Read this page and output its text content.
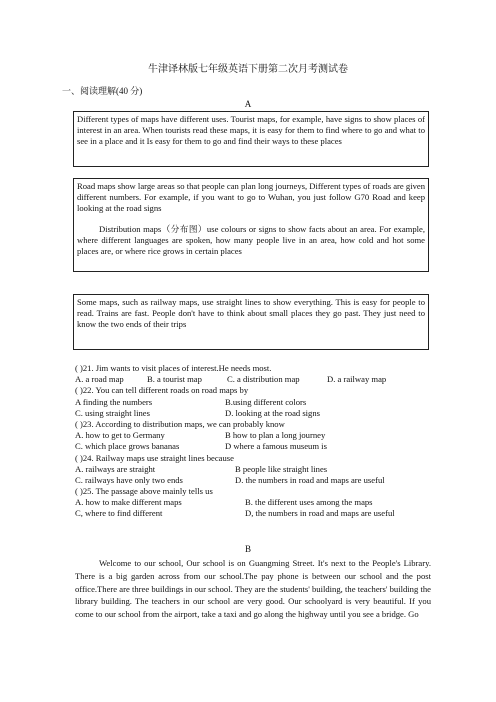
牛津译林版七年级英语下册第二次月考测试卷
一、阅读理解(40 分)
A

Different types of maps have different uses. Tourist maps, for example, have signs to show places of interest in an area. When tourists read these maps, it is easy for them to find where to go and what to see in a place and it Is easy for them to go and find their ways to these places

Road maps show large areas so that people can plan long journeys, Different types of roads are given different numbers. For example, if you want to go to Wuhan, you just follow G70 Road and keep looking at the road signs

Distribution maps（分布图）use colours or signs to show facts about an area. For example, where different languages are spoken, how many people live in an area, how cold and hot some places are, or where rice grows in certain places

Some maps, such as railway maps, use straight lines to show everything. This is easy for people to read. Trains are fast. People don't have to think about small places they go past. They just need to know the two ends of their trips

( )21. Jim wants to visit places of interest.He needs most.
A. a road map	B. a tourist map	C. a distribution map	D. a railway map
( )22. You can tell different roads on road maps by
A finding the numbers	B.using different colors
C. using straight lines	D. looking at the road signs
( )23. According to distribution maps, we can probably know
A. how to get to Germany	B how to plan a long journey
C. which place grows bananas	D where a famous museum is
( )24. Railway maps use straight lines because
A. railways are straight	B people like straight lines
C. railways have only two ends	D. the numbers in road and maps are useful
( )25. The passage above mainly tells us
A. how to make different maps	B. the different uses among the maps
C, where to find different	D, the numbers in road and maps are useful
B

Welcome to our school, Our school is on Guangming Street. It's next to the People's Library. There is a big garden across from our school.The pay phone is between our school and the post office.There are three buildings in our school. They are the students' building, the teachers' building the library building. The teachers in our school are very good. Our schoolyard is very beautiful. If you come to our school from the airport, take a taxi and go along the highway until you see a bridge. Go
